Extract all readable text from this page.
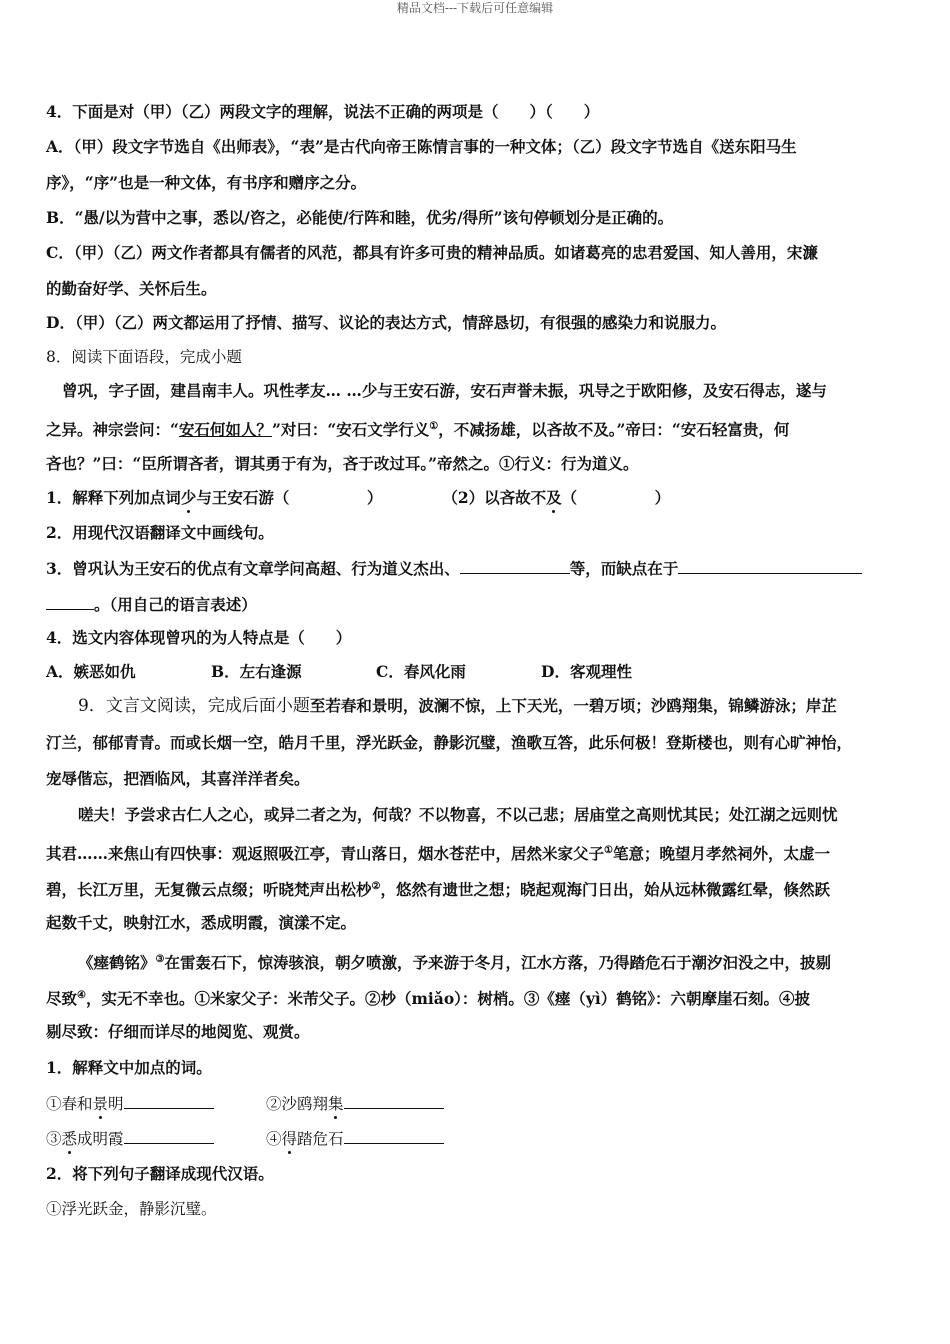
精品文档---下载后可任意编辑
4．下面是对（甲）（乙）两段文字的理解，说法不正确的两项是（　　）（　　）
A．（甲）段文字节选自《出师表》，“表”是古代向帝王陈情言事的一种文体；（乙）段文字节选自《送东阳马生
序》，“序”也是一种文体，有书序和赠序之分。
B．“愚/以为营中之事，悉以/咨之，必能使/行阵和睦，优劣/得所”该句停顿划分是正确的。
C．（甲）（乙）两文作者都具有儒者的风范，都具有许多可贵的精神品质。如诸葛亮的忠君爱国、知人善用，宋濂
的勤奋好学、关怀后生。
D．（甲）（乙）两文都运用了抒情、描写、议论的表达方式，情辞恳切，有很强的感染力和说服力。
8．阅读下面语段，完成小题
曾巩，字子固，建昌南丰人。巩性孝友… …少与王安石游，安石声誉未振，巩导之于欧阳修，及安石得志，遂与
之异。神宗尝问：“安石何如人？”对曰：“安石文学行义①，不减扬雄，以吝故不及。”帝曰：“安石轻富贵，何
吝也？”曰：“臣所谓吝者，谓其勇于有为，吝于改过耳。”帝然之。①行义：行为道义。
1．解释下列加点词少与王安石游（　　　　　）	（2）以吝故不及（　　　　　）
2．用现代汉语翻译文中画线句。
3．曾巩认为王安石的优点有文章学问高超、行为道义杰出、	等，而缺点在于
。（用自己的语言表述）
4．选文内容体现曾巩的为人特点是（　　）
A．嫉恶如仇	B．左右逢源	C．春风化雨	D．客观理性
9．文言文阅读，完成后面小题至若春和景明，波澜不惊，上下天光，一碧万顷；沙鸥翔集，锦鳞游泳；岸芷
汀兰，郁郁青青。而或长烟一空，皓月千里，浮光跃金，静影沉璧，渔歌互答，此乐何极！登斯楼也，则有心旷神怡，
宠辱偕忘，把酒临风，其喜洋洋者矣。
嗟夫！予尝求古仁人之心，或异二者之为，何哉？不以物喜，不以己悲；居庙堂之高则忧其民；处江湖之远则忧
其君……来焦山有四快事：观返照吸江亭，青山落日，烟水苍茫中，居然米家父子①笔意；晚望月孝然祠外，太虚一
碧，长江万里，无复微云点缀；听晓梵声出松杪②，悠然有遗世之想；晓起观海门日出，始从远林微露红晕，倏然跃
起数千丈，映射江水，悉成明霞，演漾不定。
《瘗鹤铭》③在雷轰石下，惊涛骇浪，朝夕喷激，予来游于冬月，江水方落，乃得踏危石于潮汐汩没之中，披剔
尽致④，实无不幸也。①米家父子：米芾父子。②杪（miǎo）：树梢。③《瘗（yì）鹤铭》：六朝摩崖石刻。④披
剔尽致：仔细而详尽的地阅览、观赏。
1．解释文中加点的词。
①春和景明	②沙鸥翔集
③悉成明霞	④得踏危石
2．将下列句子翻译成现代汉语。
①浮光跃金，静影沉璧。
